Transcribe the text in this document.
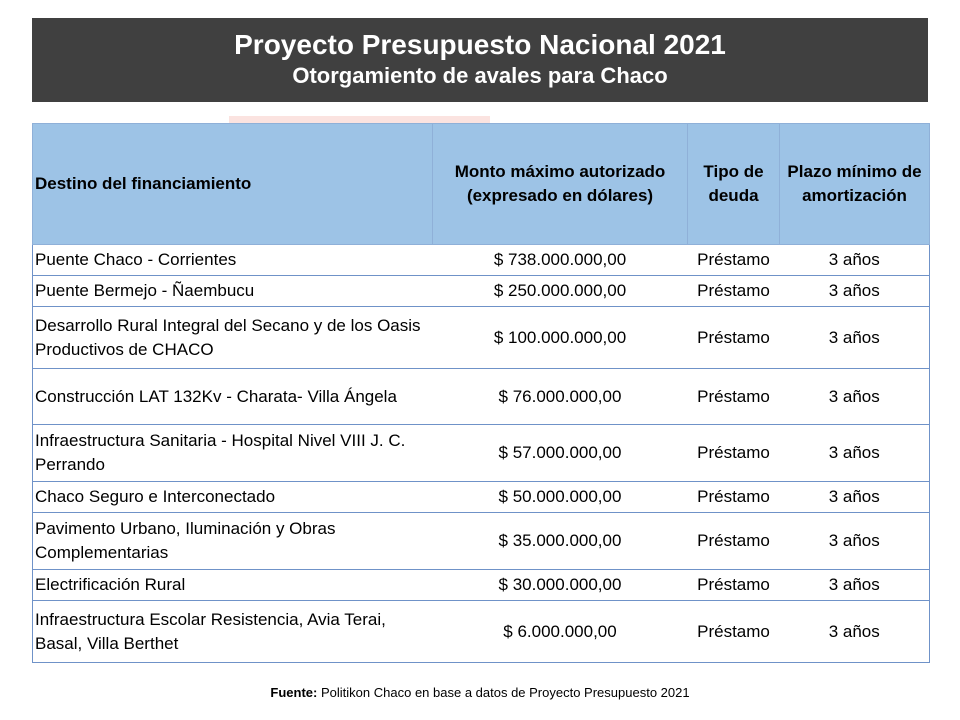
Proyecto Presupuesto Nacional 2021
Otorgamiento de avales para Chaco
Destino del financiamiento	Monto máximo autorizado (expresado en dólares)	Tipo de deuda	Plazo mínimo de amortización
Puente Chaco - Corrientes	$ 738.000.000,00	Préstamo	3 años
Puente Bermejo - Ñaembucu	$ 250.000.000,00	Préstamo	3 años
Desarrollo Rural Integral del Secano y de los Oasis Productivos de CHACO	$ 100.000.000,00	Préstamo	3 años
Construcción LAT 132Kv - Charata- Villa Ángela	$ 76.000.000,00	Préstamo	3 años
Infraestructura Sanitaria - Hospital Nivel VIII J. C. Perrando	$ 57.000.000,00	Préstamo	3 años
Chaco Seguro e Interconectado	$ 50.000.000,00	Préstamo	3 años
Pavimento Urbano, Iluminación y Obras Complementarias	$ 35.000.000,00	Préstamo	3 años
Electrificación Rural	$ 30.000.000,00	Préstamo	3 años
Infraestructura Escolar Resistencia, Avia Terai, Basal, Villa Berthet	$ 6.000.000,00	Préstamo	3 años
Fuente: Politikon Chaco en base a datos de Proyecto Presupuesto 2021
